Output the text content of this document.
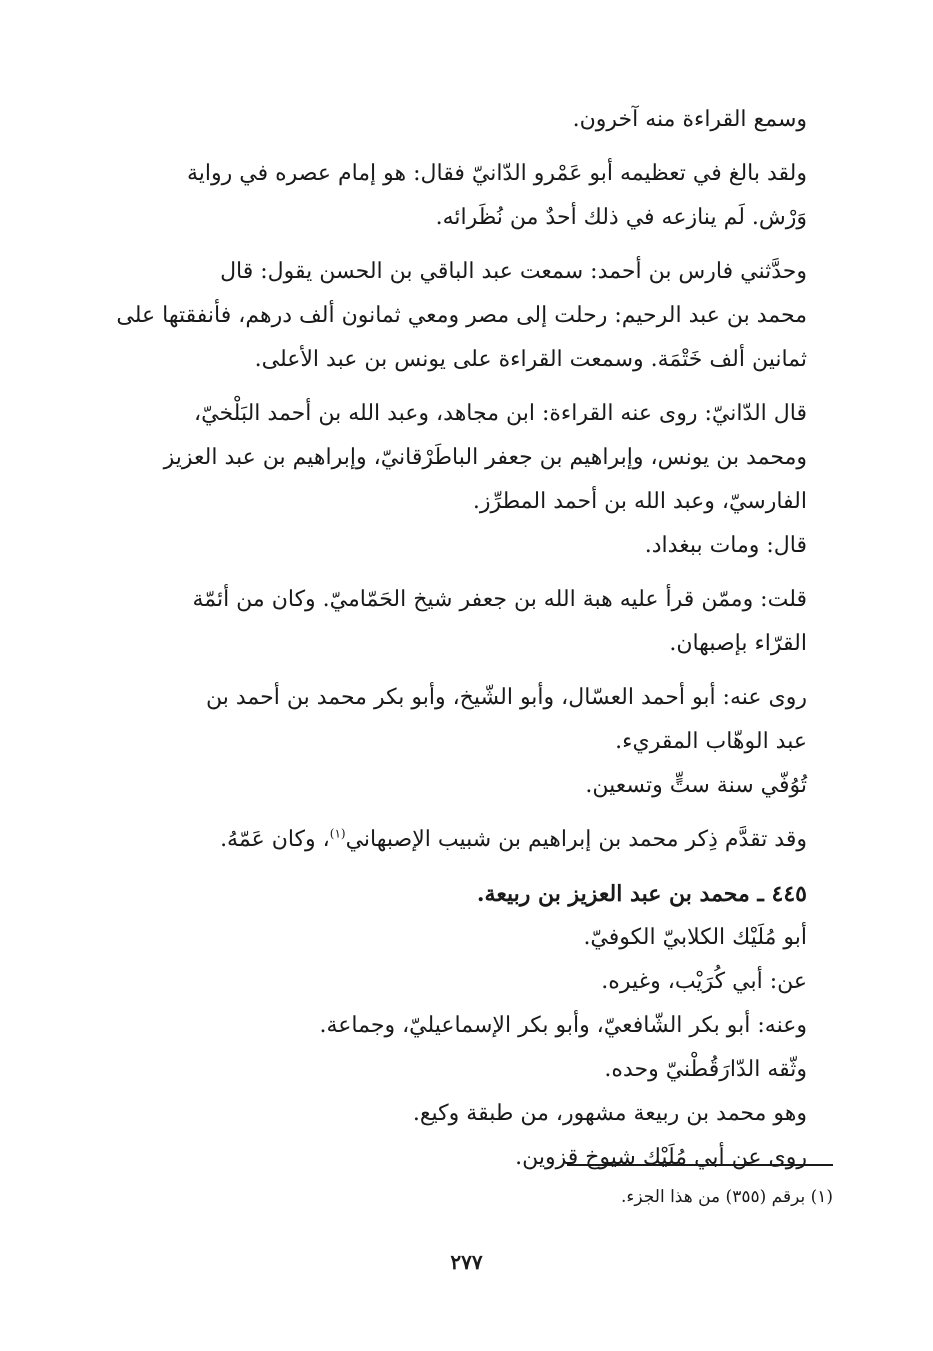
وسمع القراءة منه آخرون.

ولقد بالغ في تعظيمه أبو عَمْرو الدّانيّ فقال: هو إمام عصره في رواية
وَرْش. لَم ينازعه في ذلك أحدٌ من نُظَرائه.

وحدَّثني فارس بن أحمد: سمعت عبد الباقي بن الحسن يقول: قال
محمد بن عبد الرحيم: رحلت إلى مصر ومعي ثمانون ألف درهم، فأنفقتها على
ثمانين ألف خَتْمَة. وسمعت القراءة على يونس بن عبد الأعلى.

قال الدّانيّ: روى عنه القراءة: ابن مجاهد، وعبد الله بن أحمد البَلْخيّ،
ومحمد بن يونس، وإبراهيم بن جعفر الباطَرْقانيّ، وإبراهيم بن عبد العزيز
الفارسيّ، وعبد الله بن أحمد المطرِّز.
قال: ومات ببغداد.

قلت: وممّن قرأ عليه هبة الله بن جعفر شيخ الحَمّاميّ. وكان من أئمّة
القرّاء بإصبهان.

روى عنه: أبو أحمد العسّال، وأبو الشّيخ، وأبو بكر محمد بن أحمد بن
عبد الوهّاب المقريء.
تُوُفّي سنة ستٍّ وتسعين.

وقد تقدَّم ذِكر محمد بن إبراهيم بن شبيب الإصبهاني$^{(١)}$، وكان عَمّهُ.

٤٤٥ ـ محمد بن عبد العزيز بن ربيعة.
أبو مُلَيْك الكلابيّ الكوفيّ.
عن: أبي كُرَيْب، وغيره.
وعنه: أبو بكر الشّافعيّ، وأبو بكر الإسماعيليّ، وجماعة.
وثّقه الدّارَقُطْنيّ وحده.
وهو محمد بن ربيعة مشهور، من طبقة وكيع.
روى عن أبي مُلَيْك شيوخ قزوين.
(١) برقم (٣٥٥) من هذا الجزء.
٢٧٧
